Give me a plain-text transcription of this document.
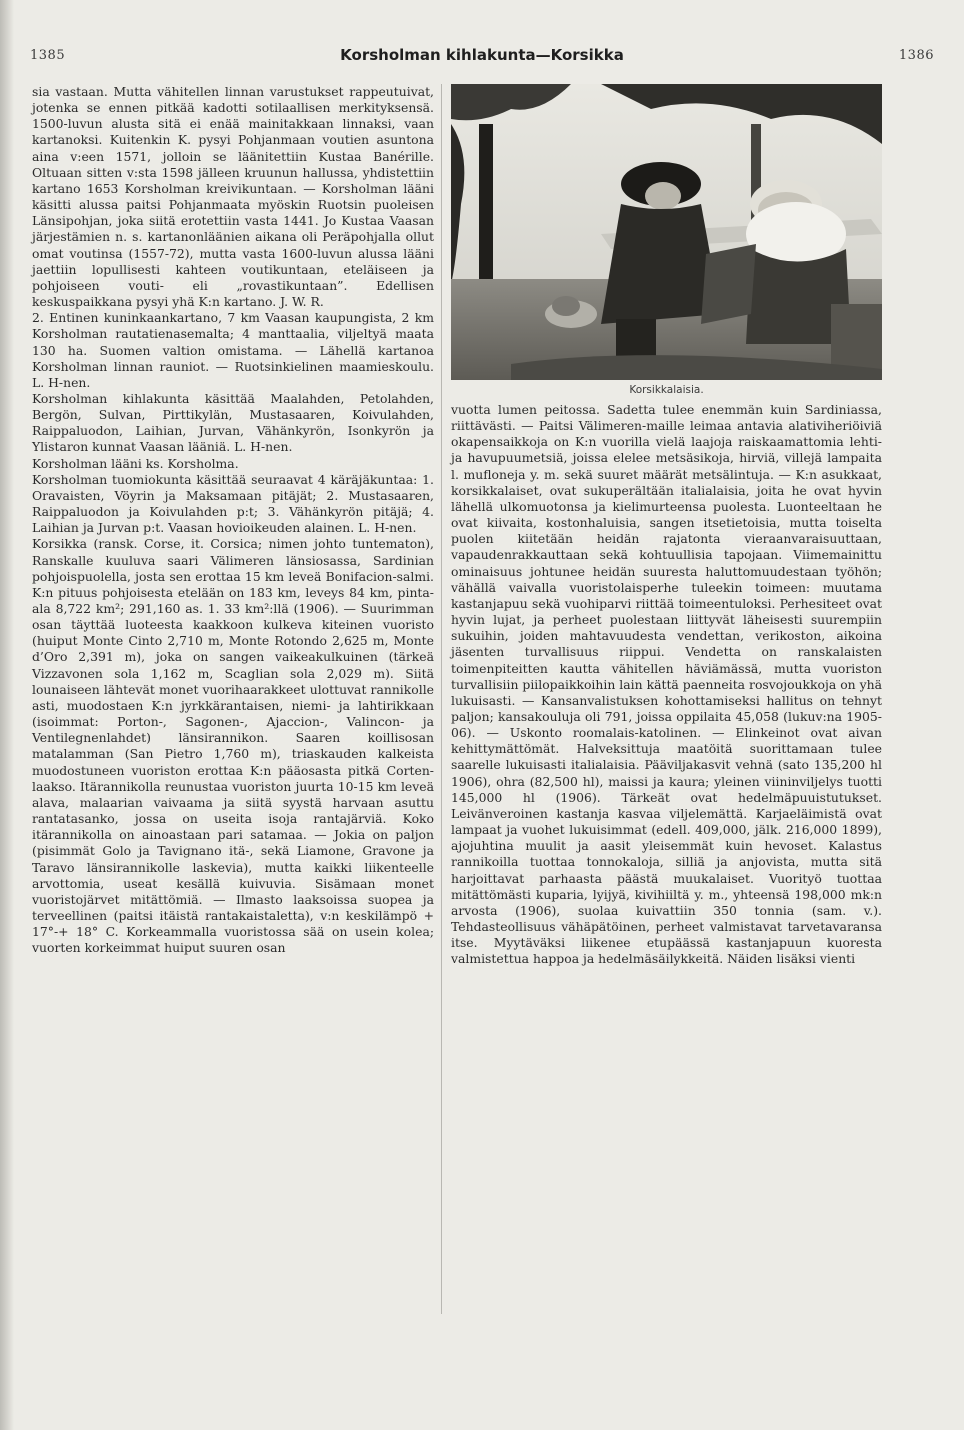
1385	Korsholman kihlakunta—Korsikka	1386

sia vastaan. Mutta vähitellen linnan varustukset rappeutuivat, jotenka se ennen pitkää kadotti sotilaallisen merkityksensä. 1500-luvun alusta sitä ei enää mainitakkaan linnaksi, vaan kartanoksi. Kuitenkin K. pysyi Pohjanmaan voutien asuntona aina v:een 1571, jolloin se läänitettiin Kustaa Banérille. Oltuaan sitten v:sta 1598 jälleen kruunun hallussa, yhdistettiin kartano 1653 Korsholman kreivikuntaan. — Korsholman lääni käsitti alussa paitsi Pohjanmaata myöskin Ruotsin puoleisen Länsipohjan, joka siitä erotettiin vasta 1441. Jo Kustaa Vaasan järjestämien n. s. kartanonläänien aikana oli Peräpohjalla ollut omat voutinsa (1557-72), mutta vasta 1600-luvun alussa lääni jaettiin lopullisesti kahteen voutikuntaan, eteläiseen ja pohjoiseen vouti- eli „rovastikuntaan”. Edellisen keskuspaikkana pysyi yhä K:n kartano. J. W. R.

2. Entinen kuninkaankartano, 7 km Vaasan kaupungista, 2 km Korsholman rautatienasemalta; 4 manttaalia, viljeltyä maata 130 ha. Suomen valtion omistama. — Lähellä kartanoa Korsholman linnan rauniot. — Ruotsinkielinen maamieskoulu. L. H-nen.

Korsholman kihlakunta käsittää Maalahden, Petolahden, Bergön, Sulvan, Pirttikylän, Mustasaaren, Koivulahden, Raippaluodon, Laihian, Jurvan, Vähänkyrön, Isonkyrön ja Ylistaron kunnat Vaasan lääniä. L. H-nen.

Korsholman lääni ks. Korsholma.

Korsholman tuomiokunta käsittää seuraavat 4 käräjäkuntaa: 1. Oravaisten, Vöyrin ja Maksamaan pitäjät; 2. Mustasaaren, Raippaluodon ja Koivulahden p:t; 3. Vähänkyrön pitäjä; 4. Laihian ja Jurvan p:t. Vaasan hovioikeuden alainen. L. H-nen.

Korsikka (ransk. Corse, it. Corsica; nimen johto tuntematon), Ranskalle kuuluva saari Välimeren länsiosassa, Sardinian pohjoispuolella, josta sen erottaa 15 km leveä Bonifacion-salmi. K:n pituus pohjoisesta etelään on 183 km, leveys 84 km, pinta-ala 8,722 km²; 291,160 as. 1. 33 km²:llä (1906). — Suurimman osan täyttää luoteesta kaakkoon kulkeva kiteinen vuoristo (huiput Monte Cinto 2,710 m, Monte Rotondo 2,625 m, Monte d’Oro 2,391 m), joka on sangen vaikeakulkuinen (tärkeä Vizzavonen sola 1,162 m, Scaglian sola 2,029 m). Siitä lounaiseen lähtevät monet vuorihaarakkeet ulottuvat rannikolle asti, muodostaen K:n jyrkkärantaisen, niemi- ja lahtirikkaan (isoimmat: Porton-, Sagonen-, Ajaccion-, Valincon- ja Ventilegnenlahdet) länsirannikon. Saaren koillisosan matalamman (San Pietro 1,760 m), triaskauden kalkeista muodostuneen vuoriston erottaa K:n pääosasta pitkä Corten-laakso. Itärannikolla reunustaa vuoriston juurta 10-15 km leveä alava, malaarian vaivaama ja siitä syystä harvaan asuttu rantatasanko, jossa on useita isoja rantajärviä. Koko itärannikolla on ainoastaan pari satamaa. — Jokia on paljon (pisimmät Golo ja Tavignano itä-, sekä Liamone, Gravone ja Taravo länsirannikolle laskevia), mutta kaikki liikenteelle arvottomia, useat kesällä kuivuvia. Sisämaan monet vuoristojärvet mitättömiä. — Ilmasto laaksoissa suopea ja terveellinen (paitsi itäistä rantakaistaletta), v:n keskilämpö + 17°-+ 18° C. Korkeammalla vuoristossa sää on usein kolea; vuorten korkeimmat huiput suuren osan

Korsikkalaisia.

vuotta lumen peitossa. Sadetta tulee enemmän kuin Sardiniassa, riittävästi. — Paitsi Välimeren-maille leimaa antavia alativiheriöiviä okapensaikkoja on K:n vuorilla vielä laajoja raiskaamattomia lehti- ja havupuumetsiä, joissa elelee metsäsikoja, hirviä, villejä lampaita l. mufloneja y. m. sekä suuret määrät metsälintuja. — K:n asukkaat, korsikkalaiset, ovat sukuperältään italialaisia, joita he ovat hyvin lähellä ulkomuotonsa ja kielimurteensa puolesta. Luonteeltaan he ovat kiivaita, kostonhaluisia, sangen itsetietoisia, mutta toiselta puolen kiitetään heidän rajatonta vieraanvaraisuuttaan, vapaudenrakkauttaan sekä kohtuullisia tapojaan. Viimemainittu ominaisuus johtunee heidän suuresta haluttomuudestaan työhön; vähällä vaivalla vuoristolaisperhe tuleekin toimeen: muutama kastanjapuu sekä vuohiparvi riittää toimeentuloksi. Perhesiteet ovat hyvin lujat, ja perheet puolestaan liittyvät läheisesti suurempiin sukuihin, joiden mahtavuudesta vendettan, verikoston, aikoina jäsenten turvallisuus riippui. Vendetta on ranskalaisten toimenpiteitten kautta vähitellen häviämässä, mutta vuoriston turvallisiin piilopaikkoihin lain kättä paenneita rosvojoukkoja on yhä lukuisasti. — Kansanvalistuksen kohottamiseksi hallitus on tehnyt paljon; kansakouluja oli 791, joissa oppilaita 45,058 (lukuv:na 1905-06). — Uskonto roomalais-katolinen. — Elinkeinot ovat aivan kehittymättömät. Halveksittuja maatöitä suorittamaan tulee saarelle lukuisasti italialaisia. Pääviljakasvit vehnä (sato 135,200 hl 1906), ohra (82,500 hl), maissi ja kaura; yleinen viininviljelys tuotti 145,000 hl (1906). Tärkeät ovat hedelmäpuuistutukset. Leivänveroinen kastanja kasvaa viljelemättä. Karjaeläimistä ovat lampaat ja vuohet lukuisimmat (edell. 409,000, jälk. 216,000 1899), ajojuhtina muulit ja aasit yleisemmät kuin hevoset. Kalastus rannikoilla tuottaa tonnokaloja, silliä ja anjovista, mutta sitä harjoittavat parhaasta päästä muukalaiset. Vuorityö tuottaa mitättömästi kuparia, lyijyä, kivihiiltä y. m., yhteensä 198,000 mk:n arvosta (1906), suolaa kuivattiin 350 tonnia (sam. v.). Tehdasteollisuus vähäpätöinen, perheet valmistavat tarvetavaransa itse. Myytäväksi liikenee etupäässä kastanjapuun kuoresta valmistettua happoa ja hedelmäsäilykkeitä. Näiden lisäksi vienti
